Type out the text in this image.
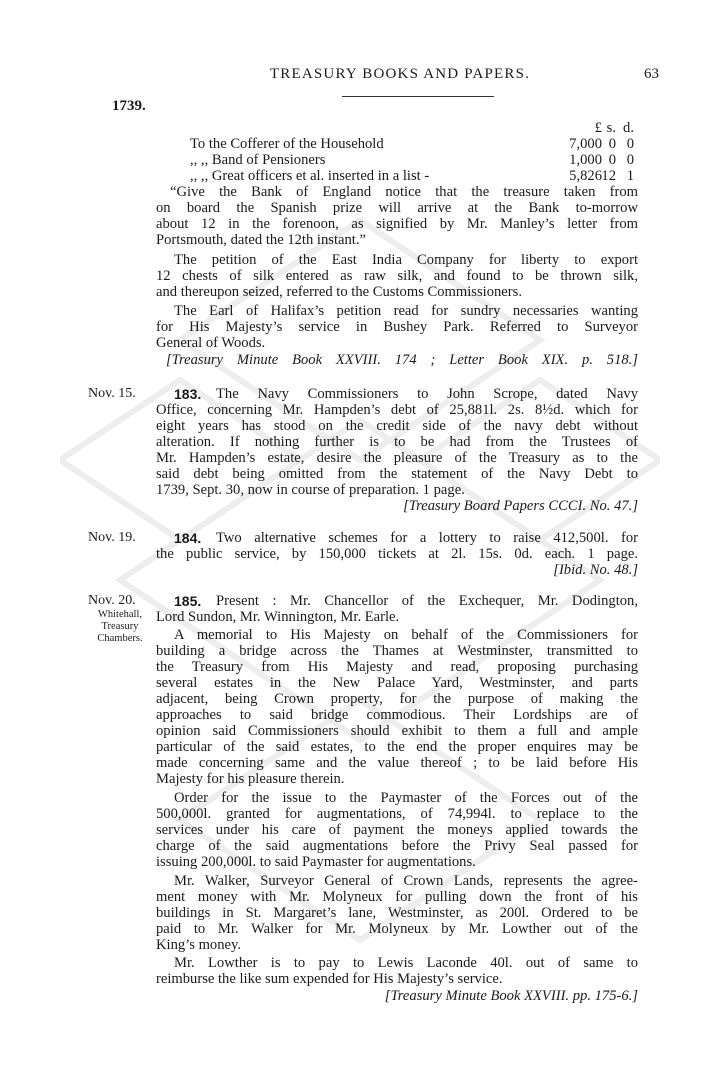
TREASURY BOOKS AND PAPERS.	63
1739.
£ s. d.
To the Cofferer of the Household	7,000 0 0
,, ,, Band of Pensioners	1,000 0 0
,, ,, Great officers et al. inserted in a list -	5,826 12 1
“Give the Bank of England notice that the treasure taken from
on board the Spanish prize will arrive at the Bank to-morrow
about 12 in the forenoon, as signified by Mr. Manley’s letter from
Portsmouth, dated the 12th instant.”
The petition of the East India Company for liberty to export
12 chests of silk entered as raw silk, and found to be thrown silk,
and thereupon seized, referred to the Customs Commissioners.
The Earl of Halifax’s petition read for sundry necessaries wanting
for His Majesty’s service in Bushey Park. Referred to Surveyor
General of Woods.
[Treasury Minute Book XXVIII. 174 ; Letter Book XIX. p. 518.]
Nov. 15.	183. The Navy Commissioners to John Scrope, dated Navy
Office, concerning Mr. Hampden’s debt of 25,881l. 2s. 8½d. which for
eight years has stood on the credit side of the navy debt without
alteration. If nothing further is to be had from the Trustees of
Mr. Hampden’s estate, desire the pleasure of the Treasury as to the
said debt being omitted from the statement of the Navy Debt to
1739, Sept. 30, now in course of preparation. 1 page.
[Treasury Board Papers CCCI. No. 47.]
Nov. 19.	184. Two alternative schemes for a lottery to raise 412,500l. for
the public service, by 150,000 tickets at 2l. 15s. 0d. each. 1 page.
[Ibid. No. 48.]
Nov. 20.
Whitehall,
Treasury
Chambers.
185. Present : Mr. Chancellor of the Exchequer, Mr. Dodington,
Lord Sundon, Mr. Winnington, Mr. Earle.
A memorial to His Majesty on behalf of the Commissioners for
building a bridge across the Thames at Westminster, transmitted to
the Treasury from His Majesty and read, proposing purchasing
several estates in the New Palace Yard, Westminster, and parts
adjacent, being Crown property, for the purpose of making the
approaches to said bridge commodious. Their Lordships are of
opinion said Commissioners should exhibit to them a full and ample
particular of the said estates, to the end the proper enquires may be
made concerning same and the value thereof ; to be laid before His
Majesty for his pleasure therein.
Order for the issue to the Paymaster of the Forces out of the
500,000l. granted for augmentations, of 74,994l. to replace to the
services under his care of payment the moneys applied towards the
charge of the said augmentations before the Privy Seal passed for
issuing 200,000l. to said Paymaster for augmentations.
Mr. Walker, Surveyor General of Crown Lands, represents the agree-
ment money with Mr. Molyneux for pulling down the front of his
buildings in St. Margaret’s lane, Westminster, as 200l. Ordered to be
paid to Mr. Walker for Mr. Molyneux by Mr. Lowther out of the
King’s money.
Mr. Lowther is to pay to Lewis Laconde 40l. out of same to
reimburse the like sum expended for His Majesty’s service.
[Treasury Minute Book XXVIII. pp. 175-6.]
